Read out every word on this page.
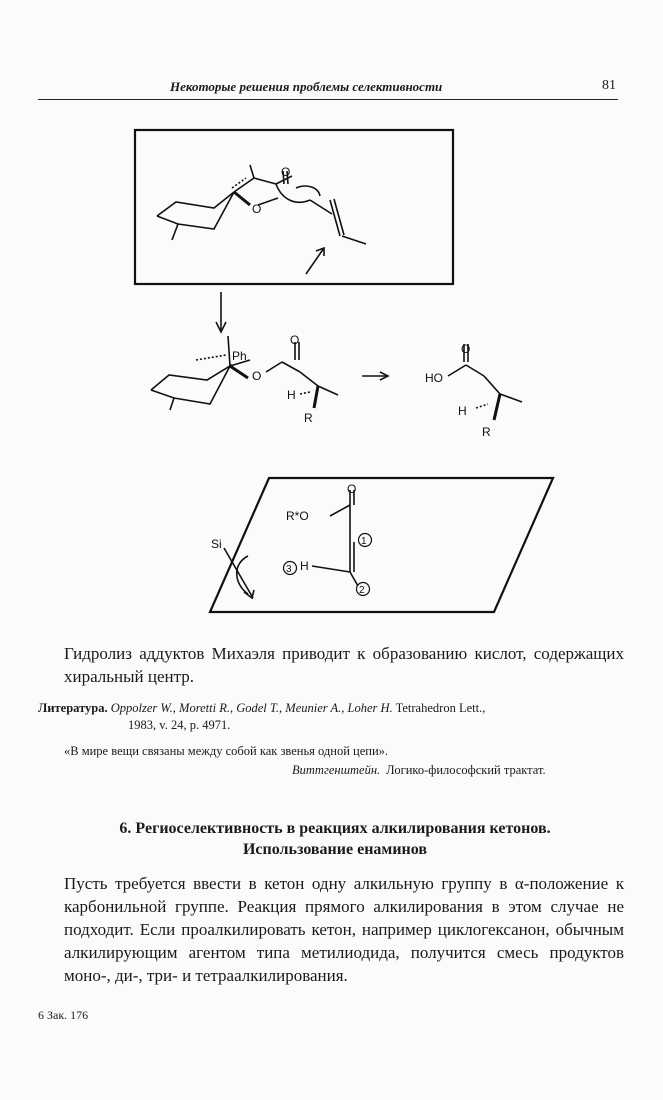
Некоторые решения проблемы селективности	81
O
O
Ph
O
O
H
R
O
HO
H
R
R*O
O
Si
H
1
2
3
Гидролиз аддуктов Михаэля приводит к образованию кислот, содержащих хиральный центр.
Литература. Oppolzer W., Moretti R., Godel T., Meunier A., Loher H. Tetrahedron Lett.,
1983, v. 24, p. 4971.
«В мире вещи связаны между собой как звенья одной цепи».
Виттгенштейн. Логико-философский трактат.
6. Региоселективность в реакциях алкилирования кетонов.
Использование енаминов
Пусть требуется ввести в кетон одну алкильную группу в α-положение к карбонильной группе. Реакция прямого алкилирования в этом случае не подходит. Если проалкилировать кетон, например циклогексанон, обычным алкилирующим агентом типа метилиодида, получится смесь продуктов моно-, ди-, три- и тетраалкилирования.
6 Зак. 176
